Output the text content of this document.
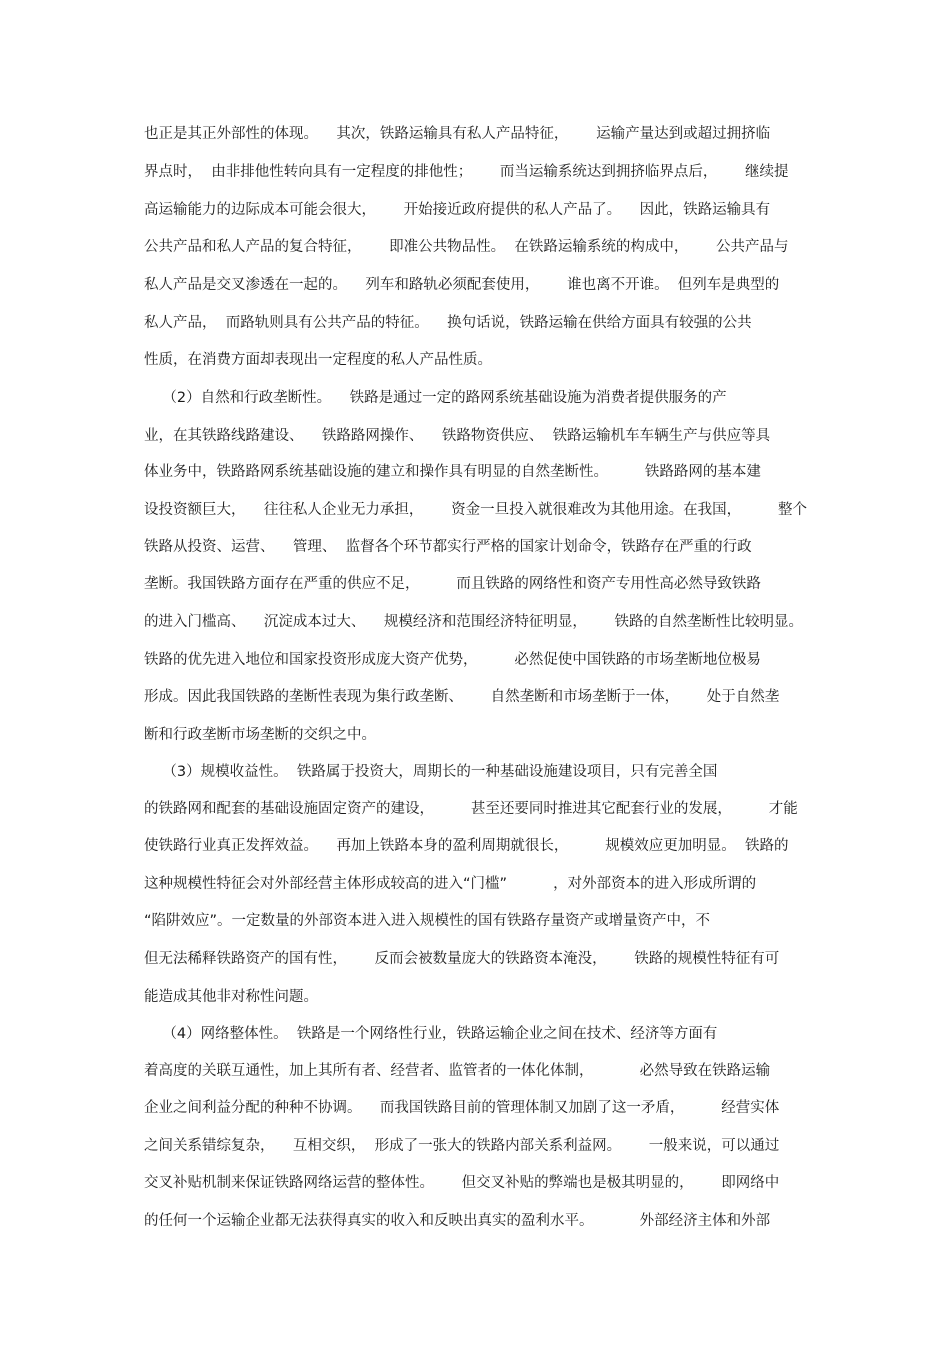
也正是其正外部性的体现。    其次，铁路运输具有私人产品特征，      运输产量达到或超过拥挤临
界点时，  由非排他性转向具有一定程度的排他性；      而当运输系统达到拥挤临界点后，      继续提
高运输能力的边际成本可能会很大，      开始接近政府提供的私人产品了。    因此，铁路运输具有
公共产品和私人产品的复合特征，      即准公共物品性。  在铁路运输系统的构成中，      公共产品与
私人产品是交叉渗透在一起的。    列车和路轨必须配套使用，      谁也离不开谁。  但列车是典型的
私人产品，  而路轨则具有公共产品的特征。    换句话说，铁路运输在供给方面具有较强的公共
性质，在消费方面却表现出一定程度的私人产品性质。
（2）自然和行政垄断性。    铁路是通过一定的路网系统基础设施为消费者提供服务的产
业，在其铁路线路建设、    铁路路网操作、    铁路物资供应、  铁路运输机车车辆生产与供应等具
体业务中，铁路路网系统基础设施的建立和操作具有明显的自然垄断性。        铁路路网的基本建
设投资额巨大，    往往私人企业无力承担，      资金一旦投入就很难改为其他用途。在我国，        整个
铁路从投资、运营、    管理、  监督各个环节都实行严格的国家计划命令，铁路存在严重的行政
垄断。我国铁路方面存在严重的供应不足，        而且铁路的网络性和资产专用性高必然导致铁路
的进入门槛高、    沉淀成本过大、    规模经济和范围经济特征明显，      铁路的自然垄断性比较明显。
铁路的优先进入地位和国家投资形成庞大资产优势，        必然促使中国铁路的市场垄断地位极易
形成。因此我国铁路的垄断性表现为集行政垄断、      自然垄断和市场垄断于一体，      处于自然垄
断和行政垄断市场垄断的交织之中。
（3）规模收益性。  铁路属于投资大，周期长的一种基础设施建设项目，只有完善全国
的铁路网和配套的基础设施固定资产的建设，        甚至还要同时推进其它配套行业的发展，        才能
使铁路行业真正发挥效益。    再加上铁路本身的盈利周期就很长，        规模效应更加明显。  铁路的
这种规模性特征会对外部经营主体形成较高的进入“门槛”          ，对外部资本的进入形成所谓的
“陷阱效应”。一定数量的外部资本进入进入规模性的国有铁路存量资产或增量资产中，不
但无法稀释铁路资产的国有性，      反而会被数量庞大的铁路资本淹没，      铁路的规模性特征有可
能造成其他非对称性问题。
（4）网络整体性。  铁路是一个网络性行业，铁路运输企业之间在技术、经济等方面有
着高度的关联互通性，加上其所有者、经营者、监管者的一体化体制，          必然导致在铁路运输
企业之间利益分配的种种不协调。    而我国铁路目前的管理体制又加剧了这一矛盾，        经营实体
之间关系错综复杂，    互相交织，  形成了一张大的铁路内部关系利益网。      一般来说，可以通过
交叉补贴机制来保证铁路网络运营的整体性。      但交叉补贴的弊端也是极其明显的，      即网络中
的任何一个运输企业都无法获得真实的收入和反映出真实的盈利水平。          外部经济主体和外部
